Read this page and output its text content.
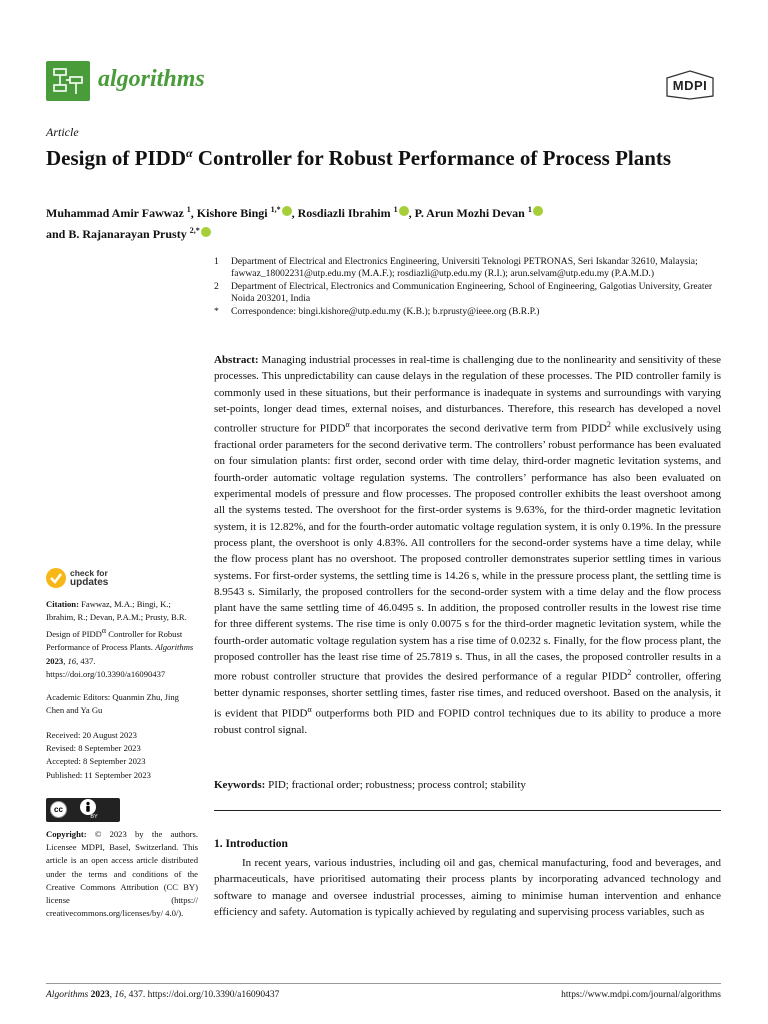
algorithms	MDPI
Article
Design of $PIDD^\alpha$ Controller for Robust Performance of Process Plants
Muhammad Amir Fawwaz $^1$, Kishore Bingi $^{1,*}$ , Rosdiazli Ibrahim $^1$ , P. Arun Mozhi Devan $^1$
and B. Rajanarayan Prusty $^{2,*}$
1	Department of Electrical and Electronics Engineering, Universiti Teknologi PETRONAS, Seri Iskandar 32610, Malaysia; fawwaz_18002231@utp.edu.my (M.A.F.); rosdiazli@utp.edu.my (R.I.); arun.selvam@utp.edu.my (P.A.M.D.)
2	Department of Electrical, Electronics and Communication Engineering, School of Engineering, Galgotias University, Greater Noida 203201, India
*	Correspondence: bingi.kishore@utp.edu.my (K.B.); b.rprusty@ieee.org (B.R.P.)
Abstract: Managing industrial processes in real-time is challenging due to the nonlinearity and sensitivity of these processes. This unpredictability can cause delays in the regulation of these processes. The PID controller family is commonly used in these situations, but their performance is inadequate in systems and surroundings with varying set-points, longer dead times, external noises, and disturbances. Therefore, this research has developed a novel controller structure for $PIDD^\alpha$ that incorporates the second derivative term from PIDD$^2$ while exclusively using fractional order parameters for the second derivative term. The controllers’ robust performance has been evaluated on four simulation plants: first order, second order with time delay, third-order magnetic levitation systems, and fourth-order automatic voltage regulation systems. The controllers’ performance has also been evaluated on experimental models of pressure and flow processes. The proposed controller exhibits the least overshoot among all the systems tested. The overshoot for the first-order systems is 9.63%, for the third-order magnetic levitation system, it is 12.82%, and for the fourth-order automatic voltage regulation system, it is only 0.19%. In the pressure process plant, the overshoot is only 4.83%. All controllers for the second-order systems have a time delay, while the flow process plant has no overshoot. The proposed controller demonstrates superior settling times in various systems. For first-order systems, the settling time is 14.26 s, while in the pressure process plant, the settling time is 8.9543 s. Similarly, the proposed controllers for the second-order system with a time delay and the flow process plant have the same settling time of 46.0495 s. In addition, the proposed controller results in the lowest rise time for three different systems. The rise time is only 0.0075 s for the third-order magnetic levitation system, while the fourth-order automatic voltage regulation system has a rise time of 0.0232 s. Finally, for the flow process plant, the proposed controller has the least rise time of 25.7819 s. Thus, in all the cases, the proposed controller results in a more robust controller structure that provides the desired performance of a regular PIDD$^2$ controller, offering better dynamic responses, shorter settling times, faster rise times, and reduced overshoot. Based on the analysis, it is evident that $PIDD^\alpha$ outperforms both PID and FOPID control techniques due to its ability to produce a more robust control signal.
Keywords: PID; fractional order; robustness; process control; stability
1. Introduction
In recent years, various industries, including oil and gas, chemical manufacturing, food and beverages, and pharmaceuticals, have prioritised automating their process plants by incorporating advanced technology and software to manage and oversee industrial processes, aiming to minimise human intervention and enhance efficiency and safety. Automation is typically achieved by regulating and supervising process variables, such as
check for
updates
Citation: Fawwaz, M.A.; Bingi, K.; Ibrahim, R.; Devan, P.A.M.; Prusty, B.R. Design of $PIDD^\alpha$ Controller for Robust Performance of Process Plants. Algorithms 2023, 16, 437. https://doi.org/10.3390/a16090437
Academic Editors: Quanmin Zhu, Jing Chen and Ya Gu
Received: 20 August 2023
Revised: 8 September 2023
Accepted: 8 September 2023
Published: 11 September 2023
cc
BY
Copyright: © 2023 by the authors. Licensee MDPI, Basel, Switzerland. This article is an open access article distributed under the terms and conditions of the Creative Commons Attribution (CC BY) license (https:// creativecommons.org/licenses/by/ 4.0/).
Algorithms 2023, 16, 437. https://doi.org/10.3390/a16090437	https://www.mdpi.com/journal/algorithms
